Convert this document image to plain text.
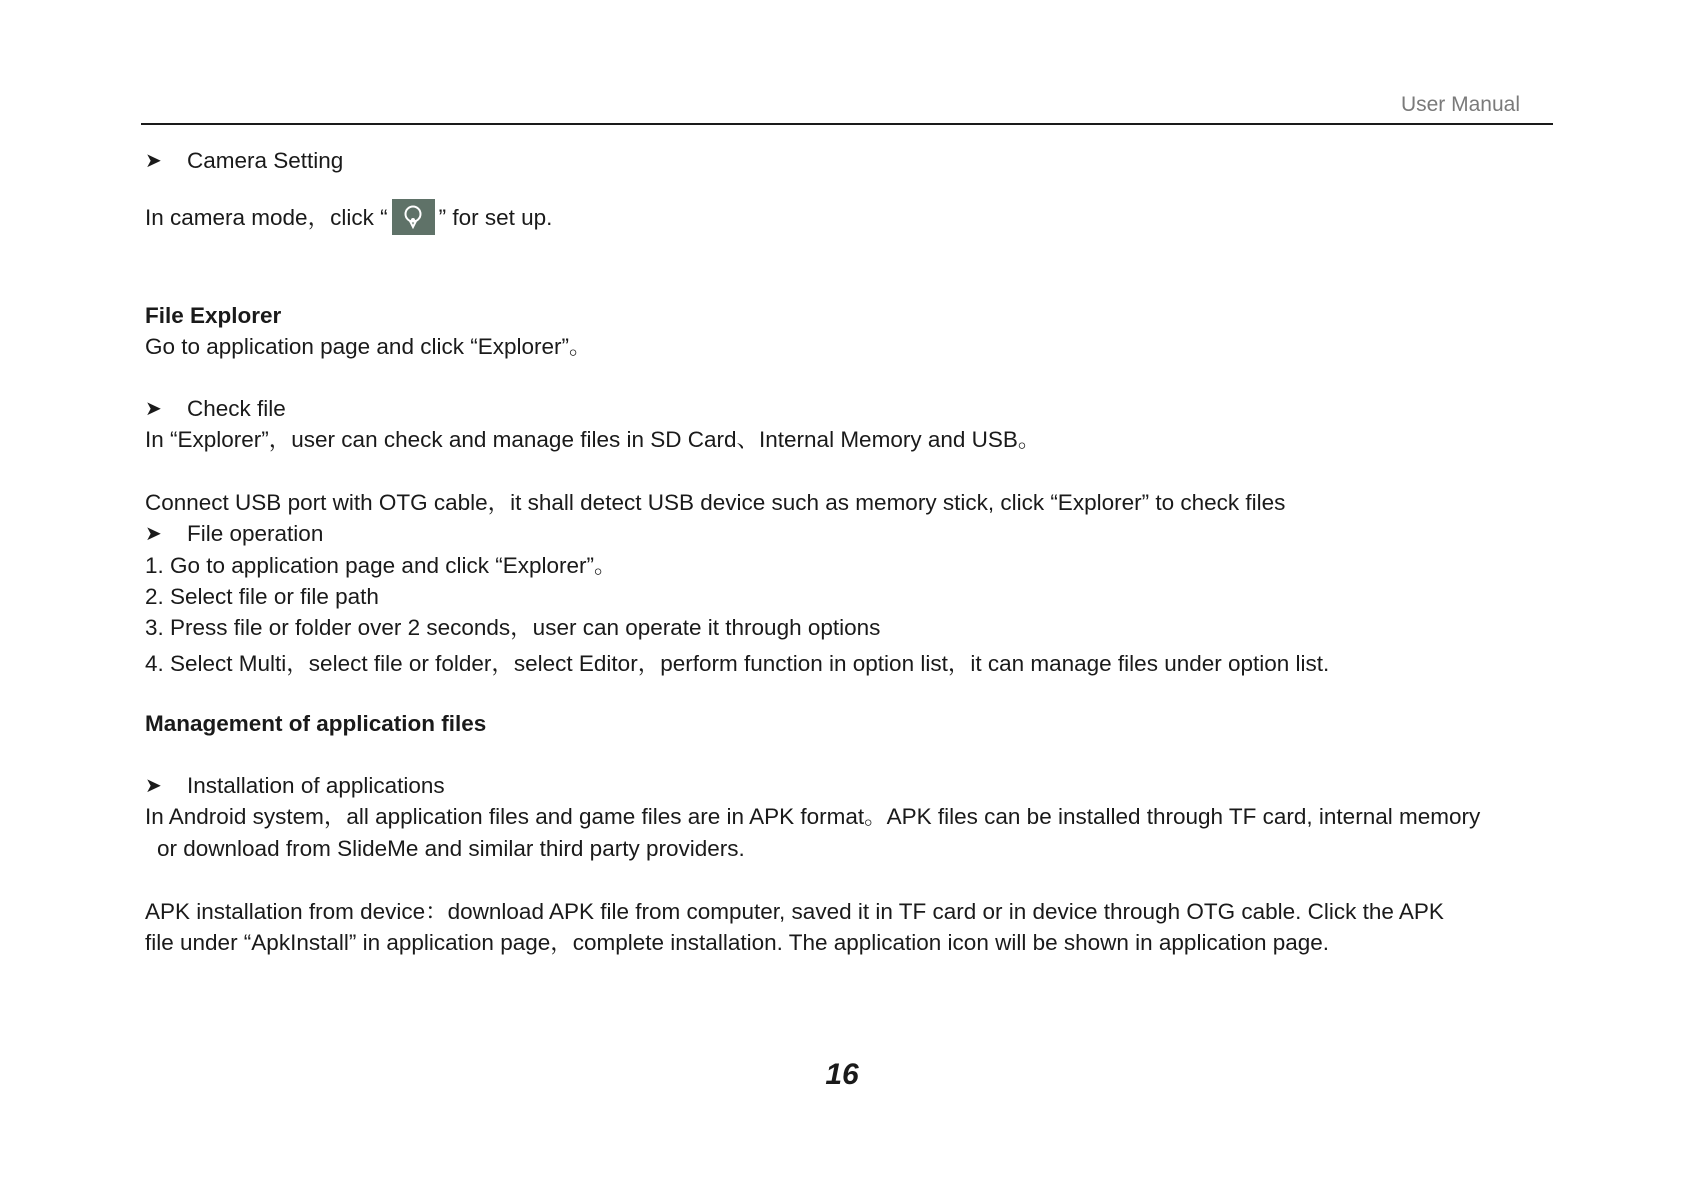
User Manual
➤	Camera Setting
In camera mode，click “ ” for set up.
File Explorer
Go to application page and click “Explorer”。
➤	Check file
In “Explorer”，user can check and manage files in SD Card、Internal Memory and USB。
Connect USB port with OTG cable，it shall detect USB device such as memory stick, click “Explorer” to check files
➤	File operation
1. Go to application page and click “Explorer”。
2. Select file or file path
3. Press file or folder over 2 seconds，user can operate it through options
4. Select Multi，select file or folder，select Editor，perform function in option list，it can manage files under option list.
Management of application files
➤	Installation of applications
In Android system，all application files and game files are in APK format。APK files can be installed through TF card, internal memory
or download from SlideMe and similar third party providers.
APK installation from device：download APK file from computer, saved it in TF card or in device through OTG cable. Click the APK
file under “ApkInstall” in application page，complete installation. The application icon will be shown in application page.
16
